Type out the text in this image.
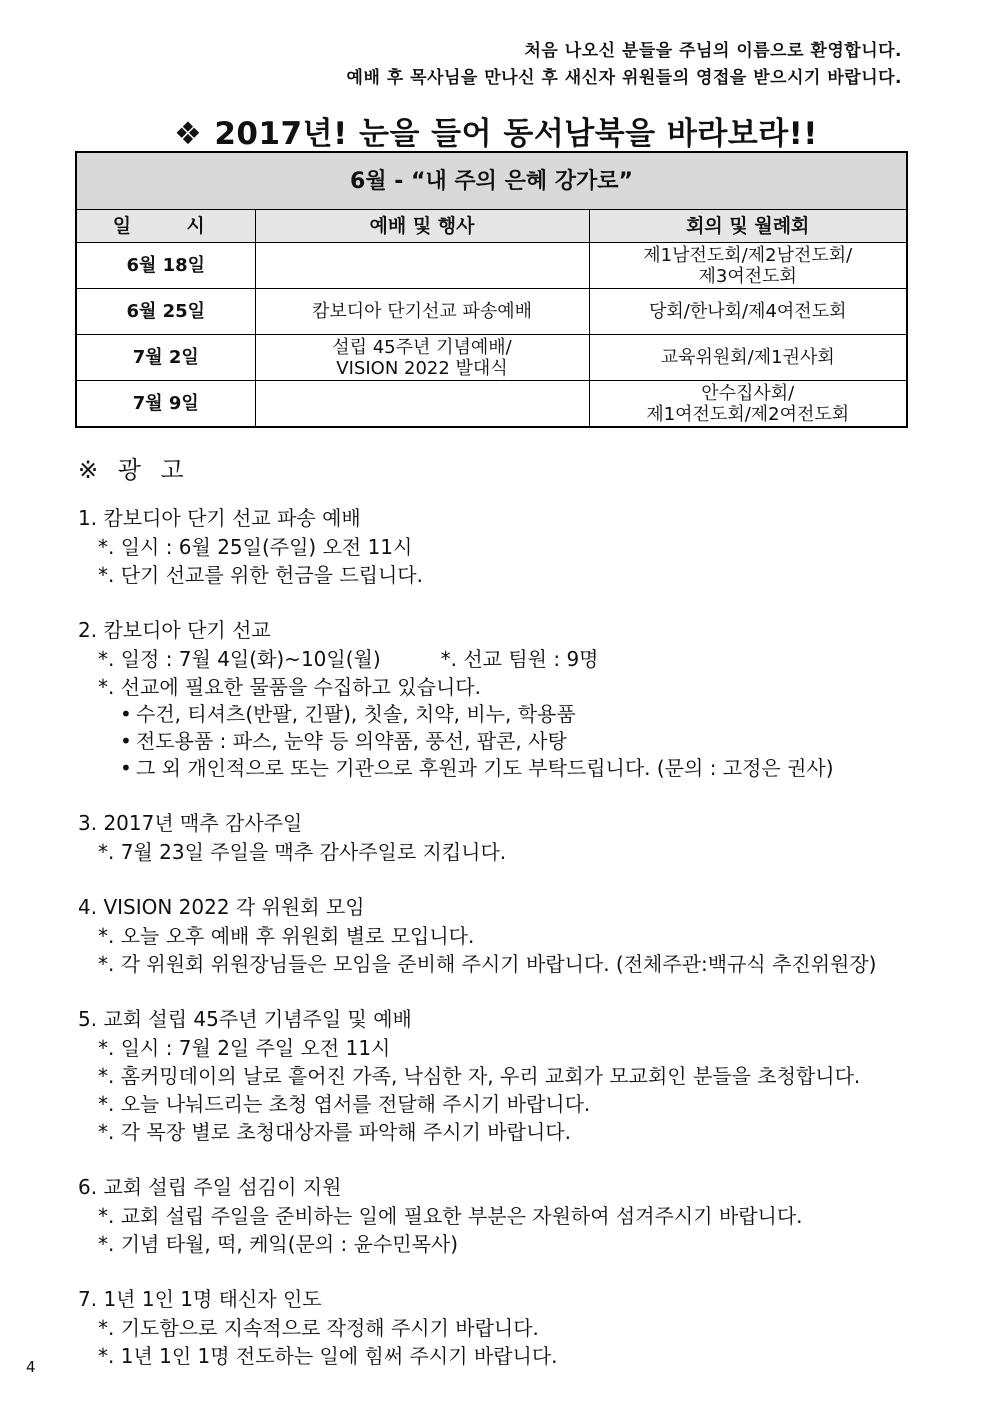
처음 나오신 분들을 주님의 이름으로 환영합니다.
예배 후 목사님을 만나신 후 새신자 위원들의 영접을 받으시기 바랍니다.
❖ 2017년! 눈을 들어 동서남북을 바라보라!!
6월 - “내 주의 은혜 강가로”		
일  시	예배 및 행사	회의 및 월례회
6월 18일		제1남전도회/제2남전도회/
제3여전도회
6월 25일	캄보디아 단기선교 파송예배	당회/한나회/제4여전도회
7월 2일	설립 45주년 기념예배/
VISION 2022 발대식	교육위원회/제1권사회
7월 9일		안수집사회/
제1여전도회/제2여전도회
※ 광 고
1. 캄보디아 단기 선교 파송 예배
*. 일시 : 6월 25일(주일) 오전 11시
*. 단기 선교를 위한 헌금을 드립니다.
2. 캄보디아 단기 선교
*. 일정 : 7월 4일(화)~10일(월)	*. 선교 팀원 : 9명
*. 선교에 필요한 물품을 수집하고 있습니다.
• 수건, 티셔츠(반팔, 긴팔), 칫솔, 치약, 비누, 학용품
• 전도용품 : 파스, 눈약 등 의약품, 풍선, 팝콘, 사탕
• 그 외 개인적으로 또는 기관으로 후원과 기도 부탁드립니다. (문의 : 고정은 권사)
3. 2017년 맥추 감사주일
*. 7월 23일 주일을 맥추 감사주일로 지킵니다.
4. VISION 2022 각 위원회 모임
*. 오늘 오후 예배 후 위원회 별로 모입니다.
*. 각 위원회 위원장님들은 모임을 준비해 주시기 바랍니다. (전체주관:백규식 추진위원장)
5. 교회 설립 45주년 기념주일 및 예배
*. 일시 : 7월 2일 주일 오전 11시
*. 홈커밍데이의 날로 흩어진 가족, 낙심한 자, 우리 교회가 모교회인 분들을 초청합니다.
*. 오늘 나눠드리는 초청 엽서를 전달해 주시기 바랍니다.
*. 각 목장 별로 초청대상자를 파악해 주시기 바랍니다.
6. 교회 설립 주일 섬김이 지원
*. 교회 설립 주일을 준비하는 일에 필요한 부분은 자원하여 섬겨주시기 바랍니다.
*. 기념 타월, 떡, 케잌(문의 : 윤수민목사)
7. 1년 1인 1명 태신자 인도
*. 기도함으로 지속적으로 작정해 주시기 바랍니다.
*. 1년 1인 1명 전도하는 일에 힘써 주시기 바랍니다.
4
